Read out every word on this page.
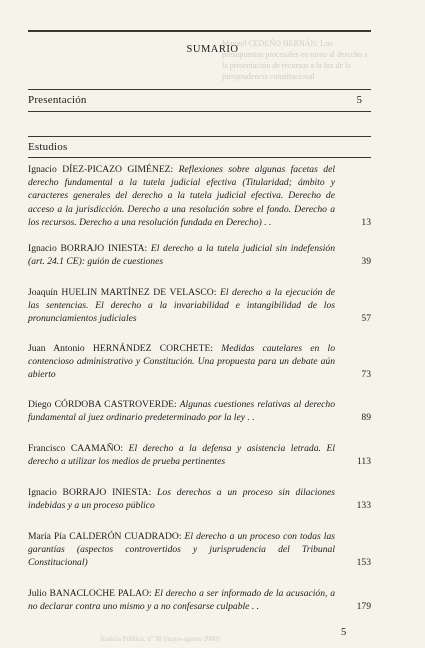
Manuel CEDEÑO HERNÁN: Los presupuestos procesales en torno al derecho a la presentación de recursos a la luz de la jurisprudencia constitucional
SUMARIO
Presentación	5
Estudios
Ignacio DÍEZ-PICAZO GIMÉNEZ: Reflexiones sobre algunas facetas del derecho fundamental a la tutela judicial efectiva (Titularidad; ámbito y caracteres generales del derecho a la tutela judicial efectiva. Derecho de acceso a la jurisdicción. Derecho a una resolución sobre el fondo. Derecho a los recursos. Derecho a una resolución fundada en Derecho) . .	13
Ignacio BORRAJO INIESTA: El derecho a la tutela judicial sin indefensión (art. 24.1 CE): guión de cuestiones	39
Joaquín HUELIN MARTÍNEZ DE VELASCO: El derecho a la ejecución de las sentencias. El derecho a la invariabilidad e intangibilidad de los pronunciamientos judiciales	57
Juan Antonio HERNÁNDEZ CORCHETE: Medidas cautelares en lo contencioso administrativo y Constitución. Una propuesta para un debate aún abierto	73
Diego CÓRDOBA CASTROVERDE: Algunas cuestiones relativas al derecho fundamental al juez ordinario predeterminado por la ley . .	89
Francisco CAAMAÑO: El derecho a la defensa y asistencia letrada. El derecho a utilizar los medios de prueba pertinentes	113
Ignacio BORRAJO INIESTA: Los derechos a un proceso sin dilaciones indebidas y a un proceso público	133
María Pía CALDERÓN CUADRADO: El derecho a un proceso con todas las garantías (aspectos controvertidos y jurisprudencia del Tribunal Constitucional)	153
Julio BANACLOCHE PALAO: El derecho a ser informado de la acusación, a no declarar contra uno mismo y a no confesarse culpable . .	179
Justicia Pública, nº 38 (mayo-agosto 2000)
5
